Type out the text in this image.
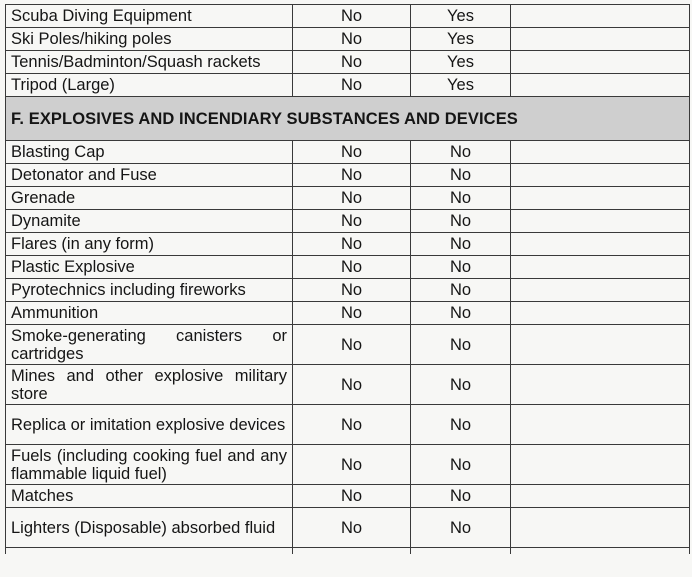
Scuba Diving Equipment	No	Yes	
Ski Poles/hiking poles	No	Yes	
Tennis/Badminton/Squash rackets	No	Yes	
Tripod (Large)	No	Yes	
F. EXPLOSIVES AND INCENDIARY SUBSTANCES AND DEVICES			
Blasting Cap	No	No	
Detonator and Fuse	No	No	
Grenade	No	No	
Dynamite	No	No	
Flares (in any form)	No	No	
Plastic Explosive	No	No	
Pyrotechnics including fireworks	No	No	
Ammunition	No	No	
Smoke-generating canisters or cartridges	No	No	
Mines and other explosive military store	No	No	
Replica or imitation explosive devices	No	No	
Fuels (including cooking fuel and any flammable liquid fuel)	No	No	
Matches	No	No	
Lighters (Disposable) absorbed fluid	No	No	
